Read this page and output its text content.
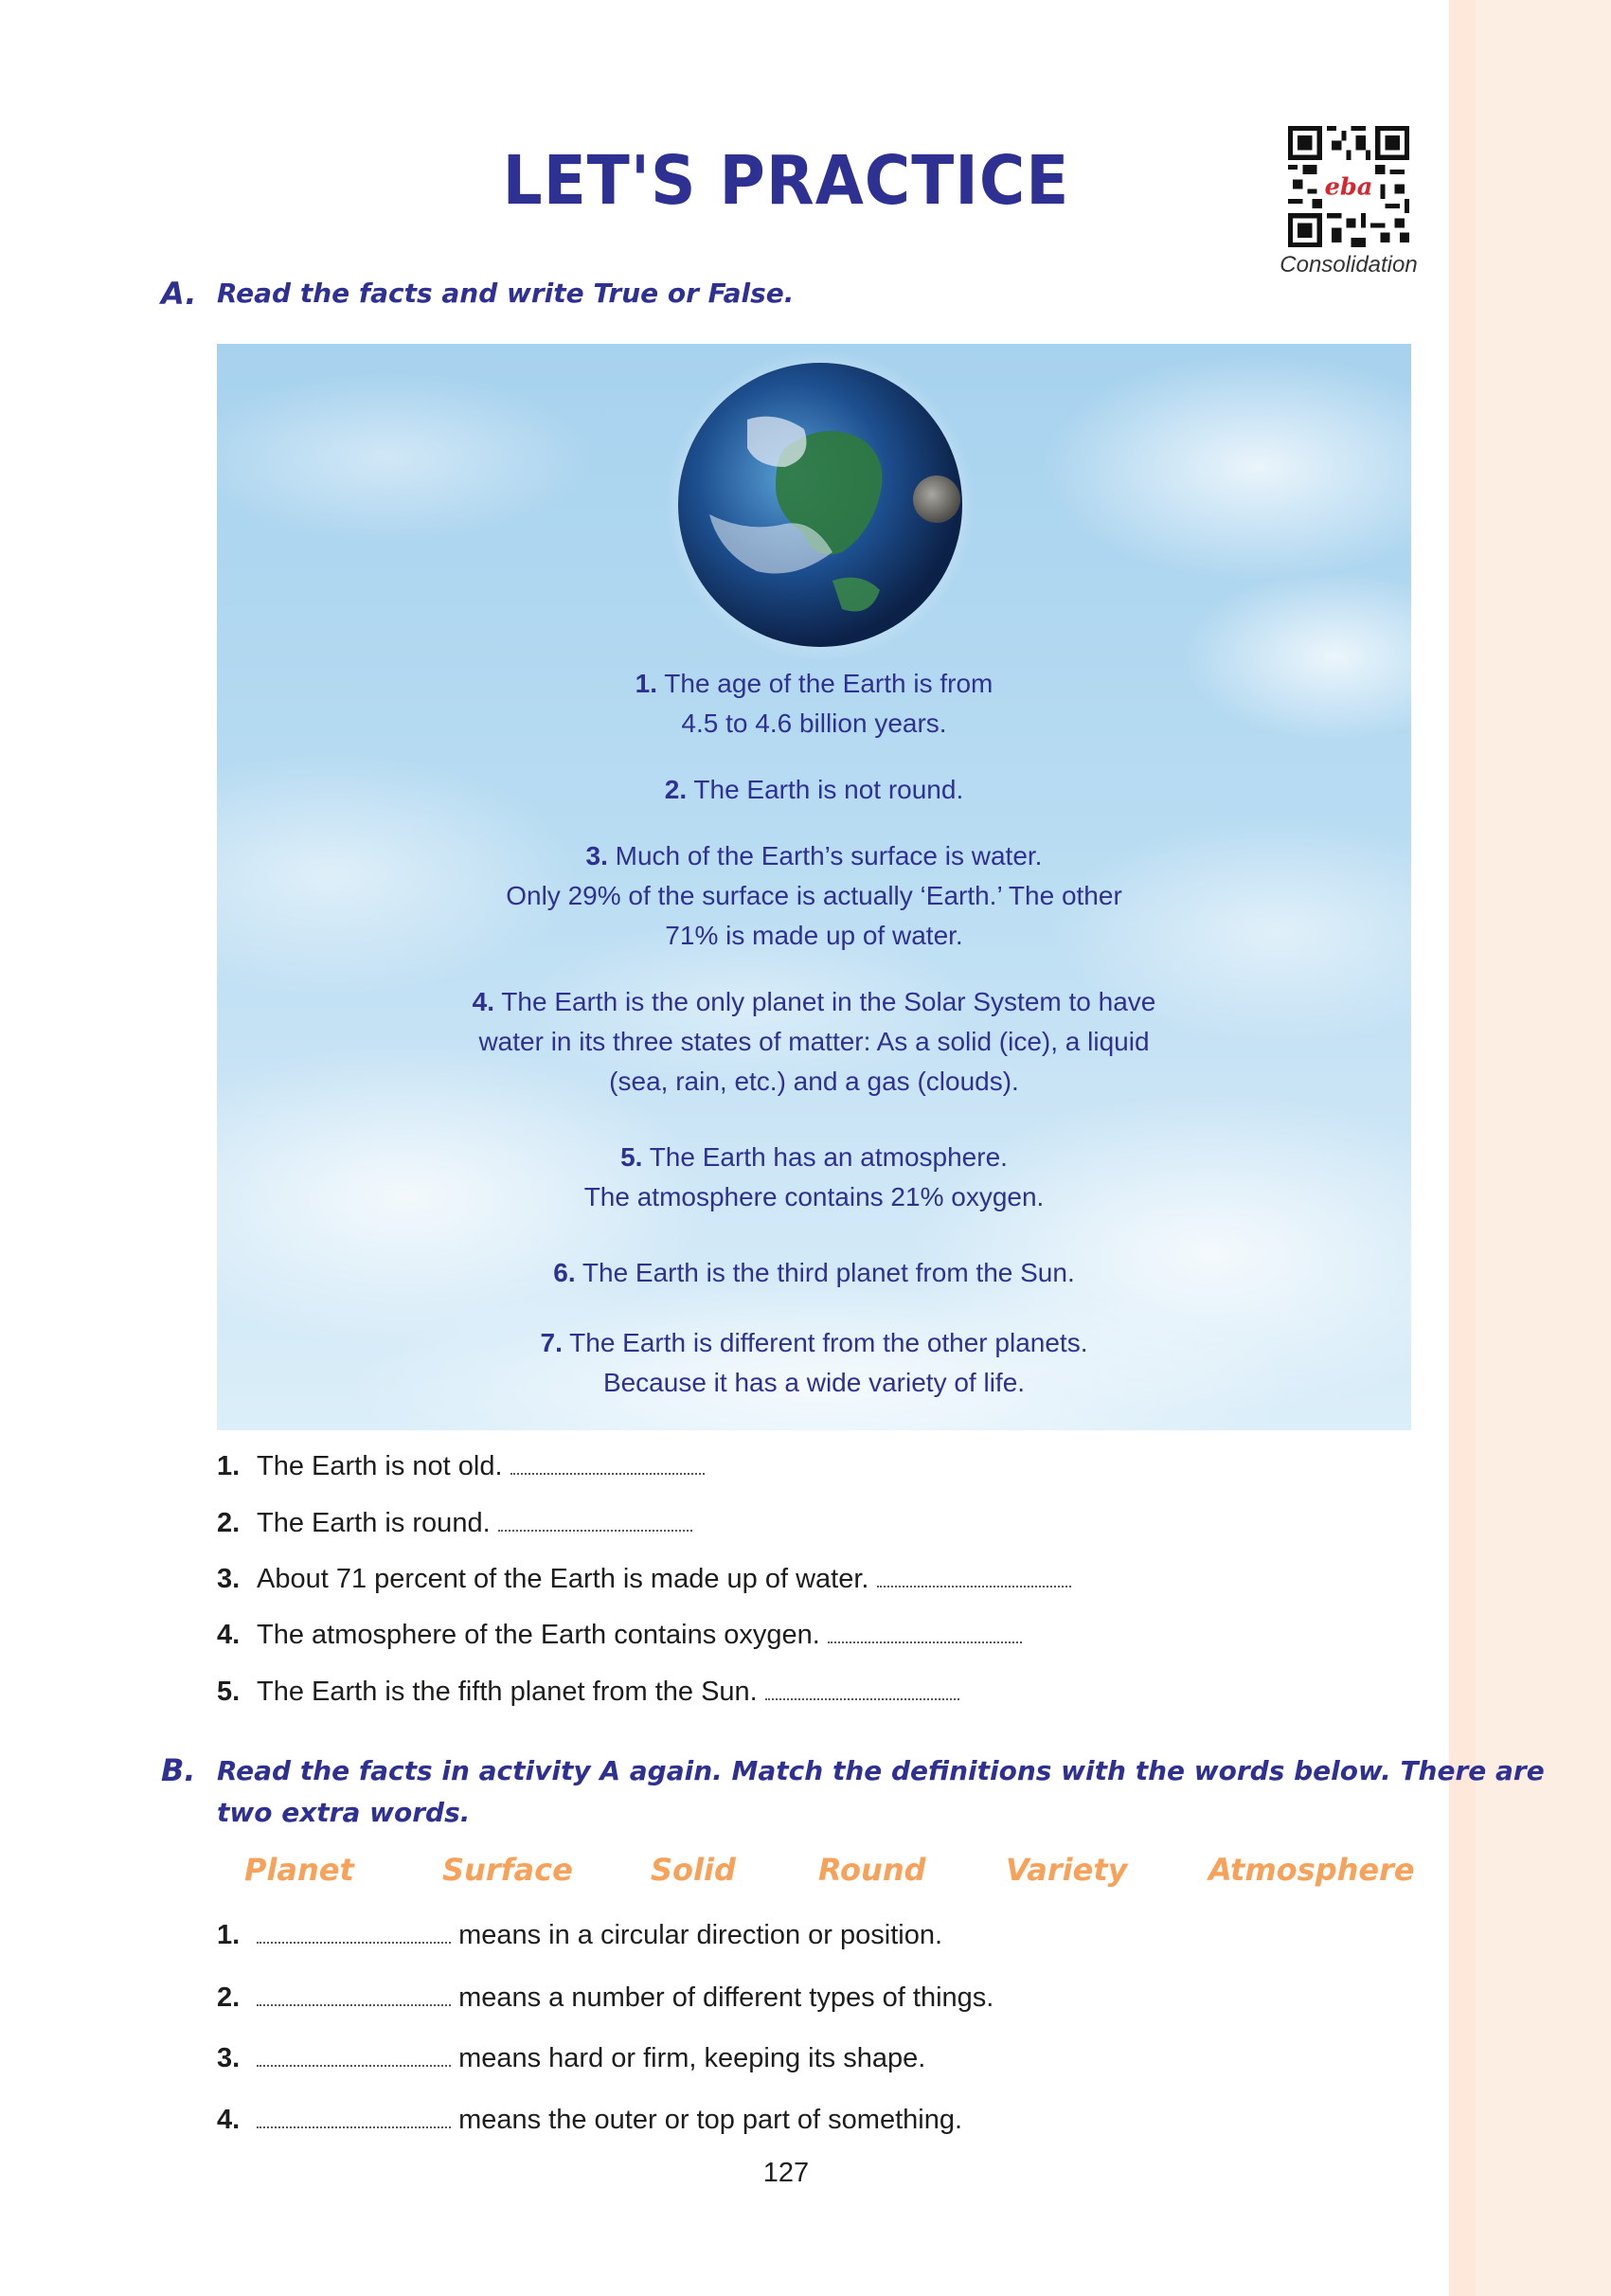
LET'S PRACTICE	eba
Consolidation
A. Read the facts and write True or False.
1. The age of the Earth is from
4.5 to 4.6 billion years.
2. The Earth is not round.
3. Much of the Earth’s surface is water.
Only 29% of the surface is actually ‘Earth.’ The other
71% is made up of water.
4. The Earth is the only planet in the Solar System to have
water in its three states of matter: As a solid (ice), a liquid
(sea, rain, etc.) and a gas (clouds).
5. The Earth has an atmosphere.
The atmosphere contains 21% oxygen.
6. The Earth is the third planet from the Sun.
7. The Earth is different from the other planets.
Because it has a wide variety of life.
1. The Earth is not old.
2. The Earth is round.
3. About 71 percent of the Earth is made up of water.
4. The atmosphere of the Earth contains oxygen.
5. The Earth is the fifth planet from the Sun.
B. Read the facts in activity A again. Match the definitions with the words below. There are
two extra words.
Planet	Surface	Solid	Round	Variety	Atmosphere
1.	means in a circular direction or position.
2.	means a number of different types of things.
3.	means hard or firm, keeping its shape.
4.	means the outer or top part of something.
127
